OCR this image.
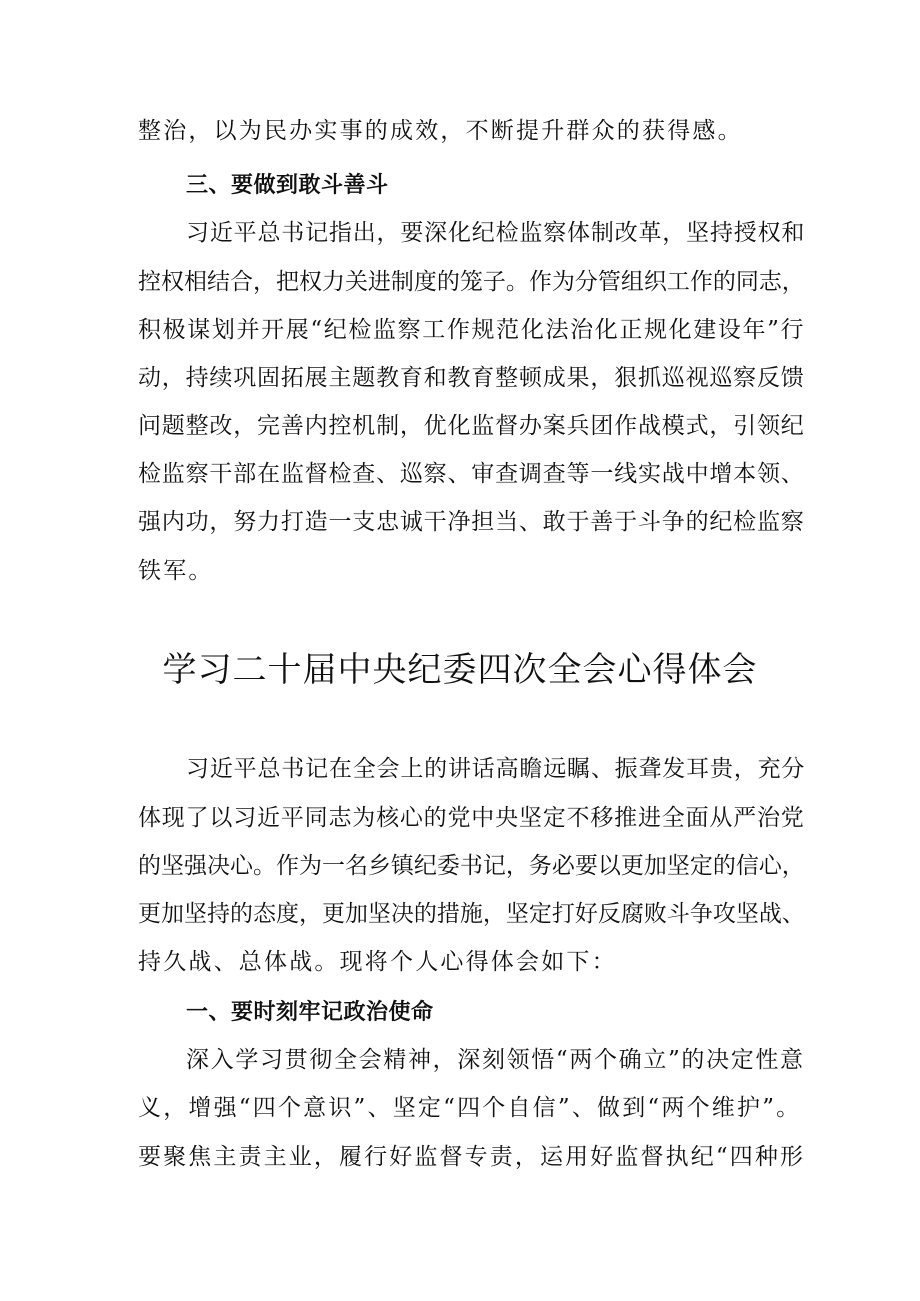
整治，以为民办实事的成效，不断提升群众的获得感。
三、要做到敢斗善斗
习近平总书记指出，要深化纪检监察体制改革，坚持授权和
控权相结合，把权力关进制度的笼子。作为分管组织工作的同志，
积极谋划并开展“纪检监察工作规范化法治化正规化建设年”行
动，持续巩固拓展主题教育和教育整顿成果，狠抓巡视巡察反馈
问题整改，完善内控机制，优化监督办案兵团作战模式，引领纪
检监察干部在监督检查、巡察、审查调查等一线实战中增本领、
强内功，努力打造一支忠诚干净担当、敢于善于斗争的纪检监察
铁军。
学习二十届中央纪委四次全会心得体会
习近平总书记在全会上的讲话高瞻远瞩、振聋发耳贵，充分
体现了以习近平同志为核心的党中央坚定不移推进全面从严治党
的坚强决心。作为一名乡镇纪委书记，务必要以更加坚定的信心，
更加坚持的态度，更加坚决的措施，坚定打好反腐败斗争攻坚战、
持久战、总体战。现将个人心得体会如下：
一、要时刻牢记政治使命
深入学习贯彻全会精神，深刻领悟“两个确立”的决定性意
义，增强“四个意识”、坚定“四个自信”、做到“两个维护”。
要聚焦主责主业，履行好监督专责，运用好监督执纪“四种形
